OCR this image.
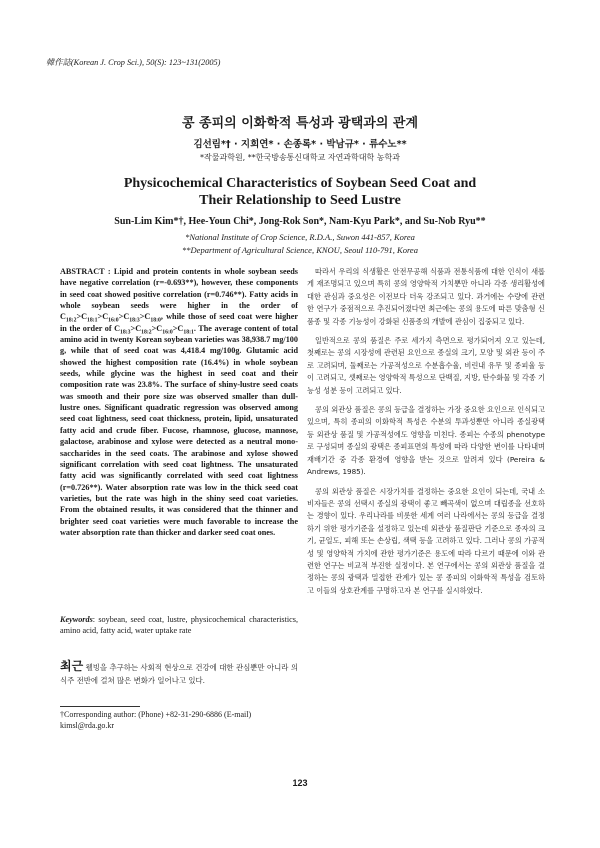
韓作誌(Korean J. Crop Sci.), 50(S): 123~131(2005)
콩 종피의 이화학적 특성과 광택과의 관계
김선림*† · 지희연* · 손종록* · 박남규* · 류수노**
*작물과학원, **한국방송통신대학교 자연과학대학 농학과
Physicochemical Characteristics of Soybean Seed Coat and
Their Relationship to Seed Lustre
Sun-Lim Kim*†, Hee-Youn Chi*, Jong-Rok Son*, Nam-Kyu Park*, and Su-Nob Ryu**
*National Institute of Crop Science, R.D.A., Suwon 441-857, Korea
**Department of Agricultural Science, KNOU, Seoul 110-791, Korea

ABSTRACT : Lipid and protein contents in whole soybean seeds have negative correlation (r=-0.693**), however, these components in seed coat showed positive correlation (r=0.746**). Fatty acids in whole soybean seeds were higher in the order of $C_{18:2}>C_{18:1}>C_{16:0}>C_{18:3}>C_{18:0}$, while those of seed coat were higher in the order of $C_{18:3}>C_{18:2}>C_{16:0}>C_{18:1}$. The average content of total amino acid in twenty Korean soybean varieties was 38,938.7 mg/100 g, while that of seed coat was 4,418.4 mg/100g. Glutamic acid showed the highest composition rate (16.4%) in whole soybean seeds, while glycine was the highest in seed coat and their composition rate was 23.8%. The surface of shiny-lustre seed coats was smooth and their pore size was observed smaller than dull-lustre ones. Significant quadratic regression was observed among seed coat lightness, seed coat thickness, protein, lipid, unsaturated fatty acid and crude fiber. Fucose, rhamnose, glucose, mannose, galactose, arabinose and xylose were detected as a neutral mono-saccharides in the seed coats. The arabinose and xylose showed significant correlation with seed coat lightness. The unsaturated fatty acid was significantly correlated with seed coat lightness (r=0.726**). Water absorption rate was low in the thick seed coat varieties, but the rate was high in the shiny seed coat varieties. From the obtained results, it was considered that the thinner and brighter seed coat varieties were much favorable to increase the water absorption rate than thicker and darker seed coat ones.

Keywords: soybean, seed coat, lustre, physicochemical characteristics, amino acid, fatty acid, water uptake rate
최근 웰빙을 추구하는 사회적 현상으로 건강에 대한 관심뿐만 아니라 의식주 전반에 걸쳐 많은 변화가 일어나고 있다.
†Corresponding author: (Phone) +82-31-290-6886 (E-mail) kimsl@rda.go.kr

따라서 우리의 식생활은 안전무공해 식품과 전통식품에 대한 인식이 새롭게 재조명되고 있으며 특히 콩의 영양학적 가치뿐만 아니라 각종 생리활성에 대한 관심과 중요성은 이전보다 더욱 강조되고 있다. 과거에는 수량에 관련한 연구가 중점적으로 추진되어졌다면 최근에는 콩의 용도에 따른 맞춤형 신품종 및 각종 기능성이 강화된 신품종의 개발에 관심이 집중되고 있다.

일반적으로 콩의 품질은 주로 세가지 측면으로 평가되어져 오고 있는데, 첫째로는 콩의 시장성에 관련된 요인으로 종실의 크기, 모양 및 외관 등이 주로 고려되며, 둘째로는 가공적성으로 수분흡수율, 비린내 유무 및 종피율 등이 고려되고, 셋째로는 영양학적 특성으로 단백질, 지방, 탄수화물 및 각종 기능성 성분 등이 고려되고 있다.

콩의 외관상 품질은 콩의 등급을 결정하는 가장 중요한 요인으로 인식되고 있으며, 특히 종피의 이화학적 특성은 수분의 투과성뿐만 아니라 종실광택 등 외관상 품질 및 가공적성에도 영향을 미친다. 종피는 수종의 phenotype로 구성되며 종실의 광택은 종피표면의 특성에 따라 다양한 변이를 나타내며 재배기간 중 각종 환경에 영향을 받는 것으로 알려져 있다 (Pereira & Andrews, 1985).

콩의 외관상 품질은 시장가치를 결정하는 중요한 요인이 되는데, 국내 소비자들은 콩의 선택시 종실의 광택이 좋고 빼곡색이 없으며 대립종을 선호하는 경향이 있다. 우리나라를 비롯한 세계 여러 나라에서는 콩의 등급을 결정하기 위한 평가기준을 설정하고 있는데 외관상 품질판단 기준으로 종자의 크기, 균일도, 피해 또는 손상립, 색택 등을 고려하고 있다. 그러나 콩의 가공적성 및 영양학적 가치에 관한 평가기준은 용도에 따라 다르기 때문에 이와 관련한 연구는 비교적 부진한 실정이다. 본 연구에서는 콩의 외관상 품질을 결정하는 콩의 광택과 밀접한 관계가 있는 콩 종피의 이화학적 특성을 검토하고 이들의 상호관계를 구명하고자 본 연구를 실시하였다.

123
